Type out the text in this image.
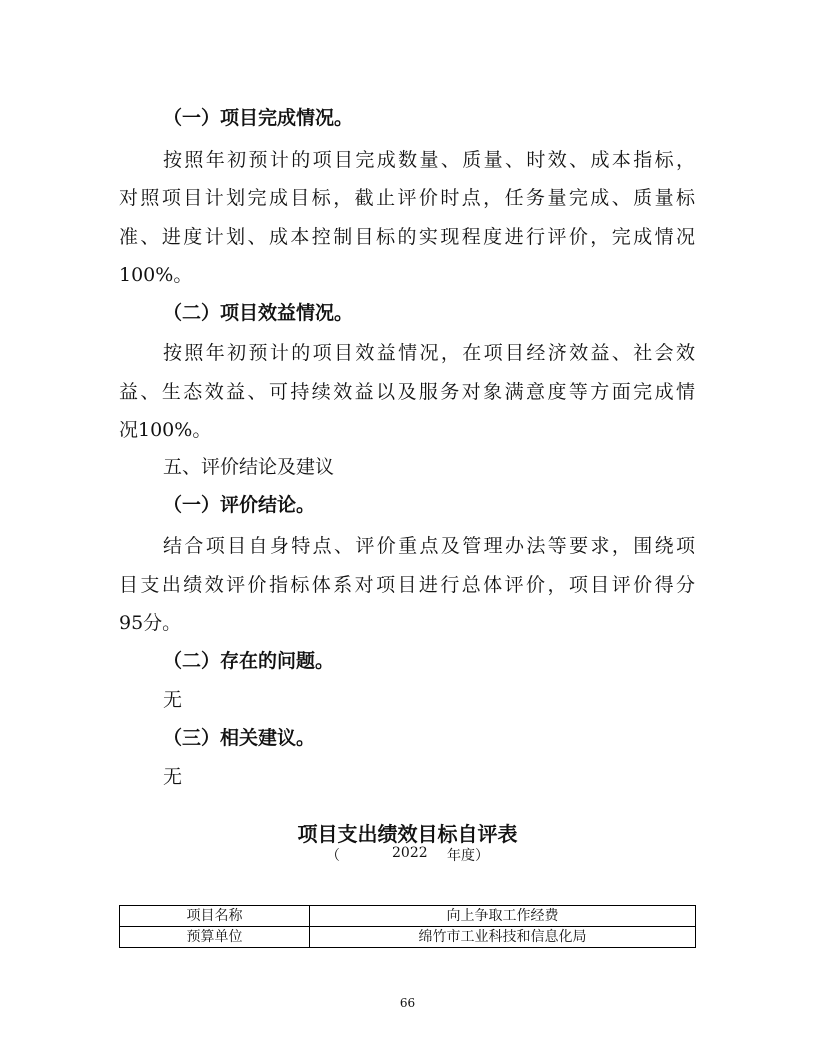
（一）项目完成情况。
按照年初预计的项目完成数量、质量、时效、成本指标，
对照项目计划完成目标，截止评价时点，任务量完成、质量标
准、进度计划、成本控制目标的实现程度进行评价，完成情况
100%。
（二）项目效益情况。
按照年初预计的项目效益情况，在项目经济效益、社会效
益、生态效益、可持续效益以及服务对象满意度等方面完成情
况100%。
五、评价结论及建议
（一）评价结论。
结合项目自身特点、评价重点及管理办法等要求，围绕项
目支出绩效评价指标体系对项目进行总体评价，项目评价得分
95分。
（二）存在的问题。
无
（三）相关建议。
无
项目支出绩效目标自评表
（	2022 年度）
项目名称	向上争取工作经费
预算单位	绵竹市工业科技和信息化局
66
